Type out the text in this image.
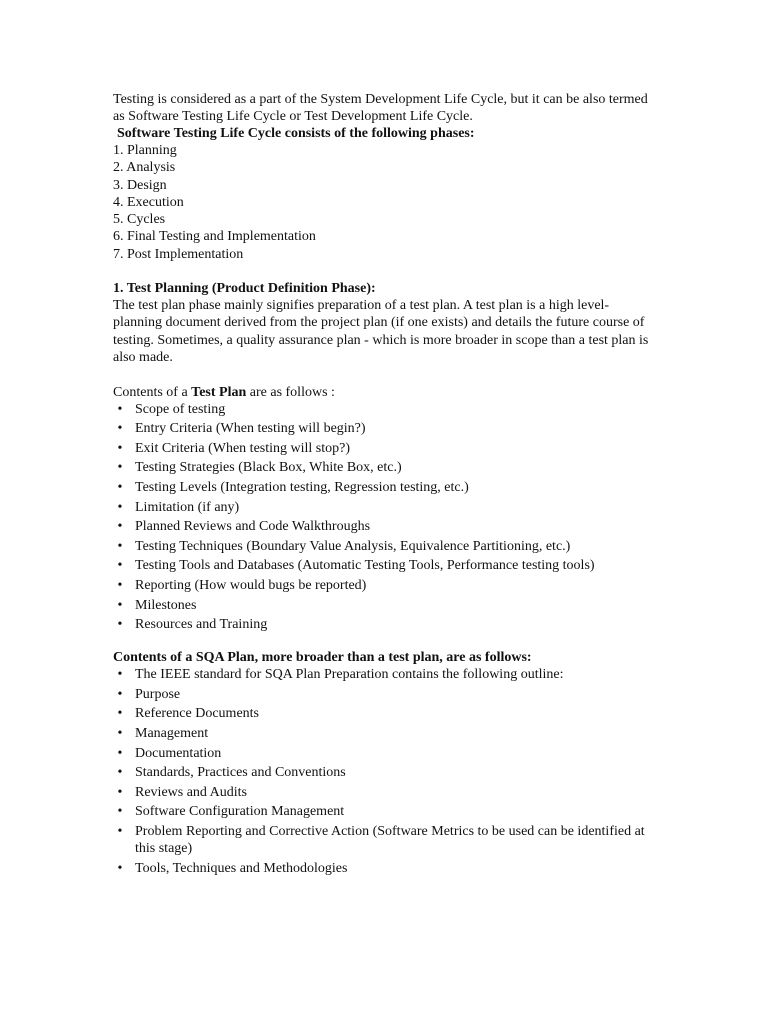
Testing is considered as a part of the System Development Life Cycle, but it can be also termed as Software Testing Life Cycle or Test Development Life Cycle.

Software Testing Life Cycle consists of the following phases:

1. Planning
2. Analysis
3. Design
4. Execution
5. Cycles
6. Final Testing and Implementation
7. Post Implementation

1. Test Planning (Product Definition Phase):

The test plan phase mainly signifies preparation of a test plan. A test plan is a high level-planning document derived from the project plan (if one exists) and details the future course of testing. Sometimes, a quality assurance plan - which is more broader in scope than a test plan is also made.

Contents of a Test Plan are as follows :

• Scope of testing
• Entry Criteria (When testing will begin?)
• Exit Criteria (When testing will stop?)
• Testing Strategies (Black Box, White Box, etc.)
• Testing Levels (Integration testing, Regression testing, etc.)
• Limitation (if any)
• Planned Reviews and Code Walkthroughs
• Testing Techniques (Boundary Value Analysis, Equivalence Partitioning, etc.)
• Testing Tools and Databases (Automatic Testing Tools, Performance testing tools)
• Reporting (How would bugs be reported)
• Milestones
• Resources and Training

Contents of a SQA Plan, more broader than a test plan, are as follows:

• The IEEE standard for SQA Plan Preparation contains the following outline:
• Purpose
• Reference Documents
• Management
• Documentation
• Standards, Practices and Conventions
• Reviews and Audits
• Software Configuration Management
• Problem Reporting and Corrective Action (Software Metrics to be used can be identified at this stage)
• Tools, Techniques and Methodologies
